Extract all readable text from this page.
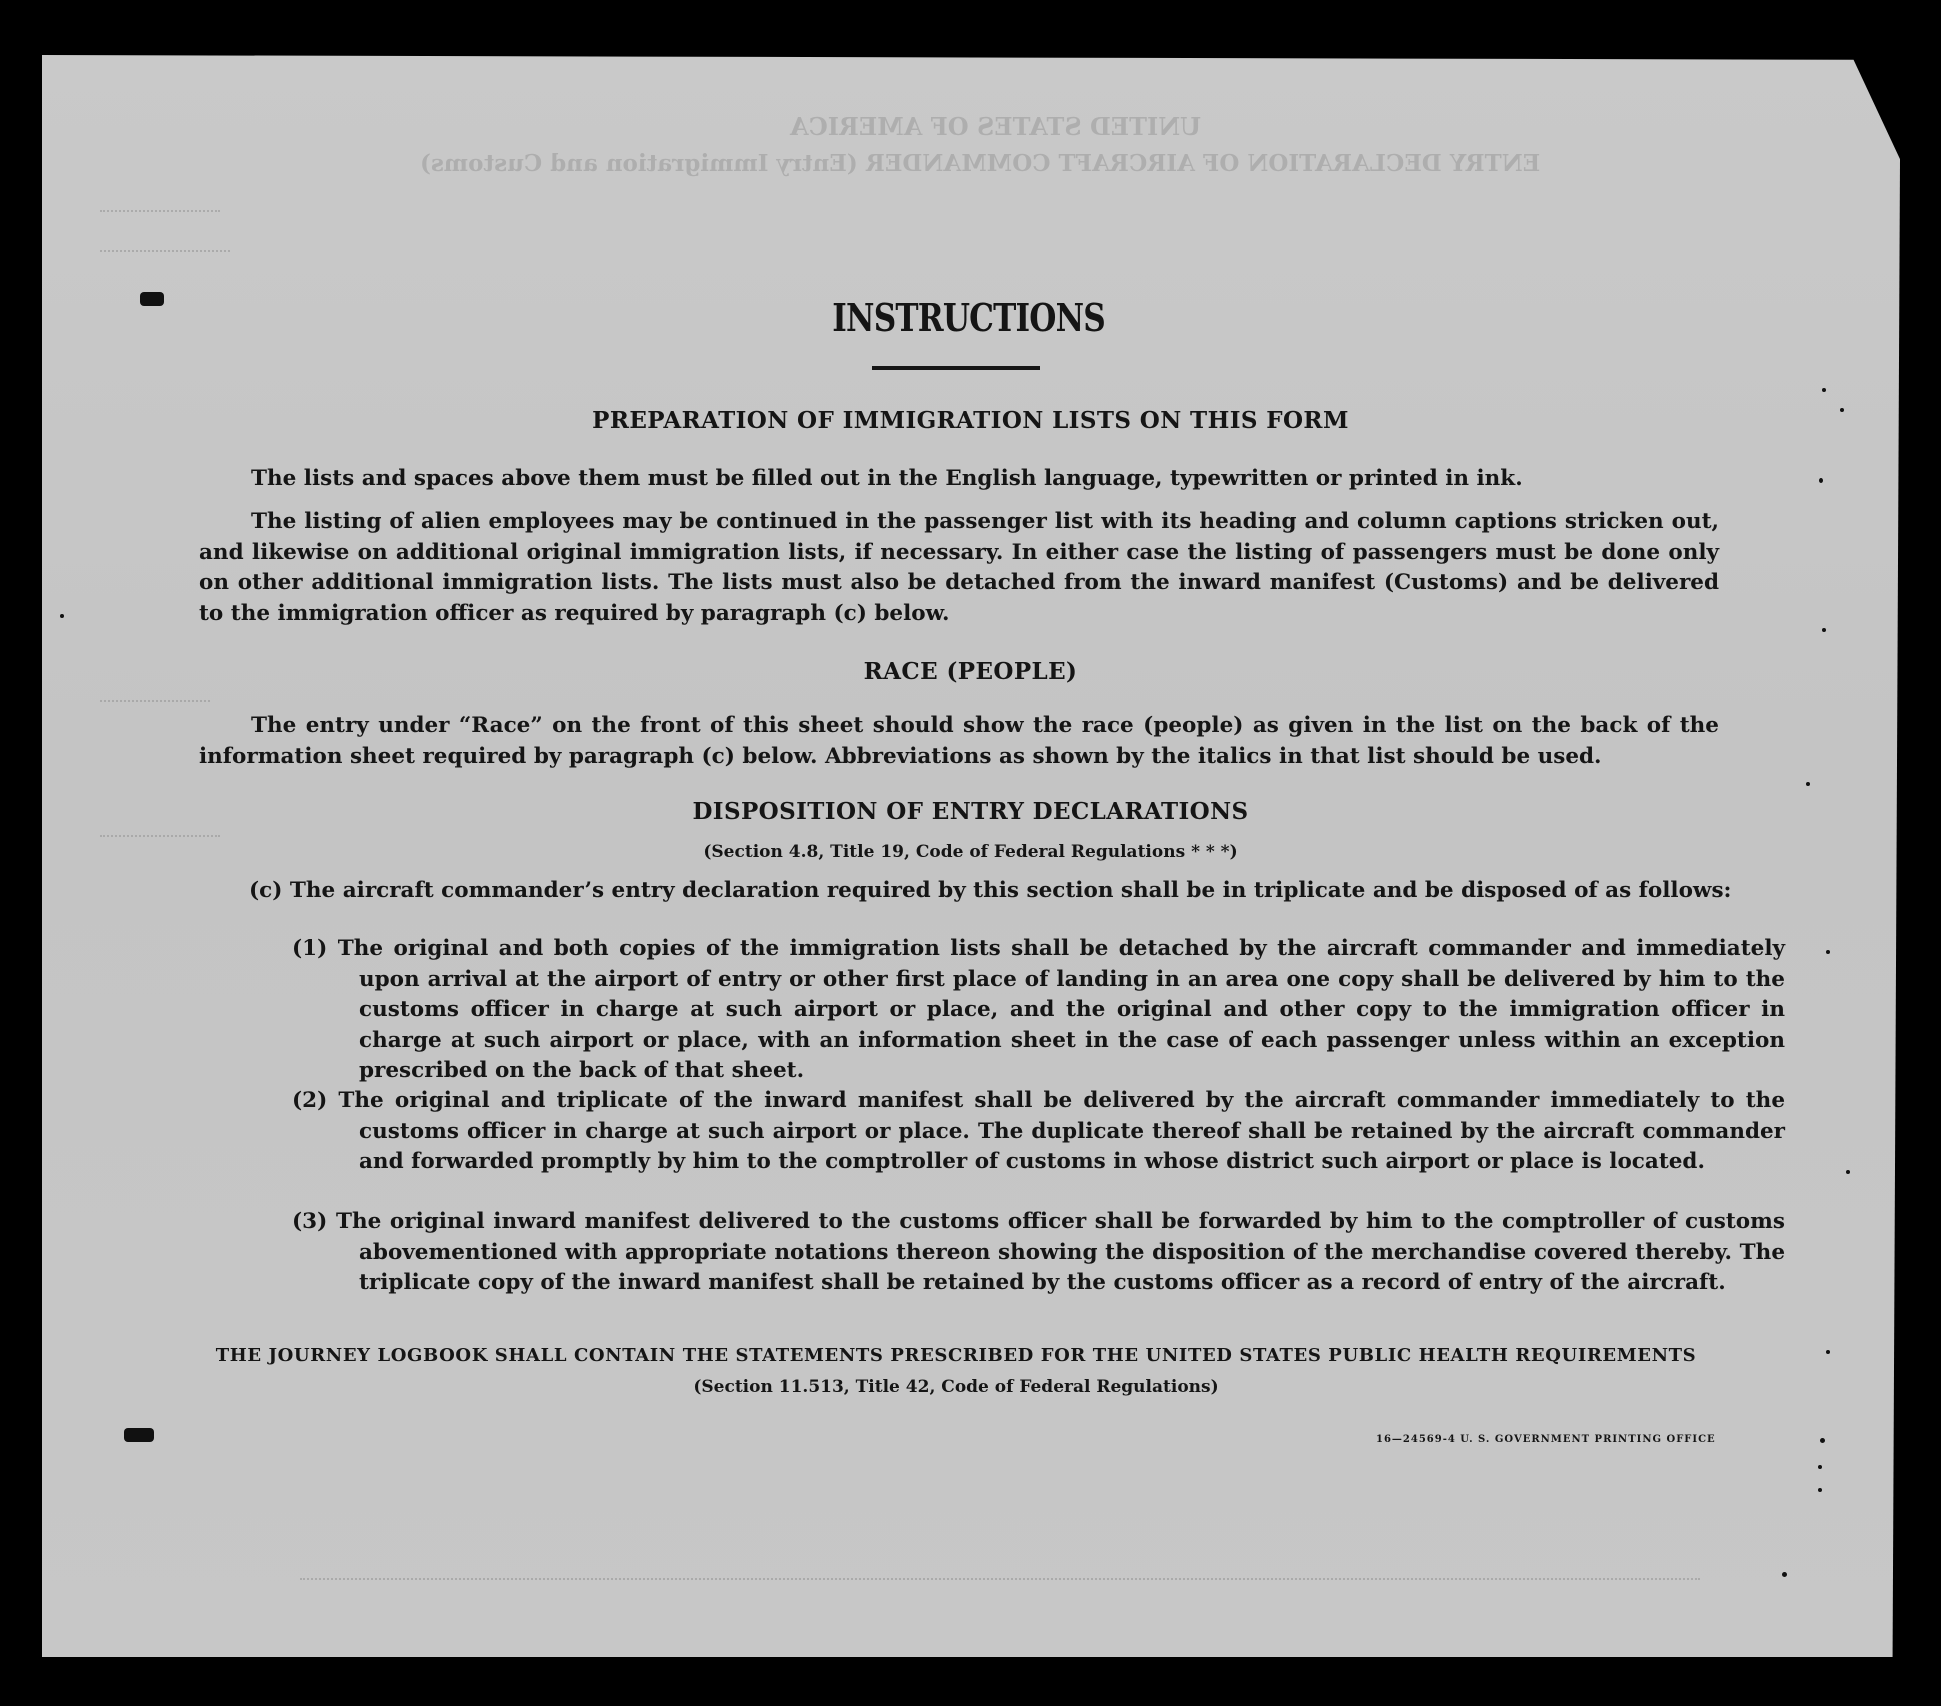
UNITED STATES OF AMERICA
ENTRY DECLARATION OF AIRCRAFT COMMANDER (Entry Immigration and Customs)
INSTRUCTIONS
PREPARATION OF IMMIGRATION LISTS ON THIS FORM
The lists and spaces above them must be filled out in the English language, typewritten or printed in ink.
The listing of alien employees may be continued in the passenger list with its heading and column captions stricken out, and likewise on additional original immigration lists, if necessary. In either case the listing of passengers must be done only on other additional immigration lists. The lists must also be detached from the inward manifest (Customs) and be delivered to the immigration officer as required by paragraph (c) below.
RACE (PEOPLE)
The entry under “Race” on the front of this sheet should show the race (people) as given in the list on the back of the information sheet required by paragraph (c) below. Abbreviations as shown by the italics in that list should be used.
DISPOSITION OF ENTRY DECLARATIONS
(Section 4.8, Title 19, Code of Federal Regulations * * *)
(c) The aircraft commander’s entry declaration required by this section shall be in triplicate and be disposed of as follows:
(1) The original and both copies of the immigration lists shall be detached by the aircraft commander and immediately upon arrival at the airport of entry or other first place of landing in an area one copy shall be delivered by him to the customs officer in charge at such airport or place, and the original and other copy to the immigration officer in charge at such airport or place, with an information sheet in the case of each passenger unless within an exception prescribed on the back of that sheet.
(2) The original and triplicate of the inward manifest shall be delivered by the aircraft commander immediately to the customs officer in charge at such airport or place. The duplicate thereof shall be retained by the aircraft commander and forwarded promptly by him to the comptroller of customs in whose district such airport or place is located.
(3) The original inward manifest delivered to the customs officer shall be forwarded by him to the comptroller of customs abovementioned with appropriate notations thereon showing the disposition of the merchandise covered thereby. The triplicate copy of the inward manifest shall be retained by the customs officer as a record of entry of the aircraft.
THE JOURNEY LOGBOOK SHALL CONTAIN THE STATEMENTS PRESCRIBED FOR THE UNITED STATES PUBLIC HEALTH REQUIREMENTS
(Section 11.513, Title 42, Code of Federal Regulations)
16—24569-4 U. S. GOVERNMENT PRINTING OFFICE
